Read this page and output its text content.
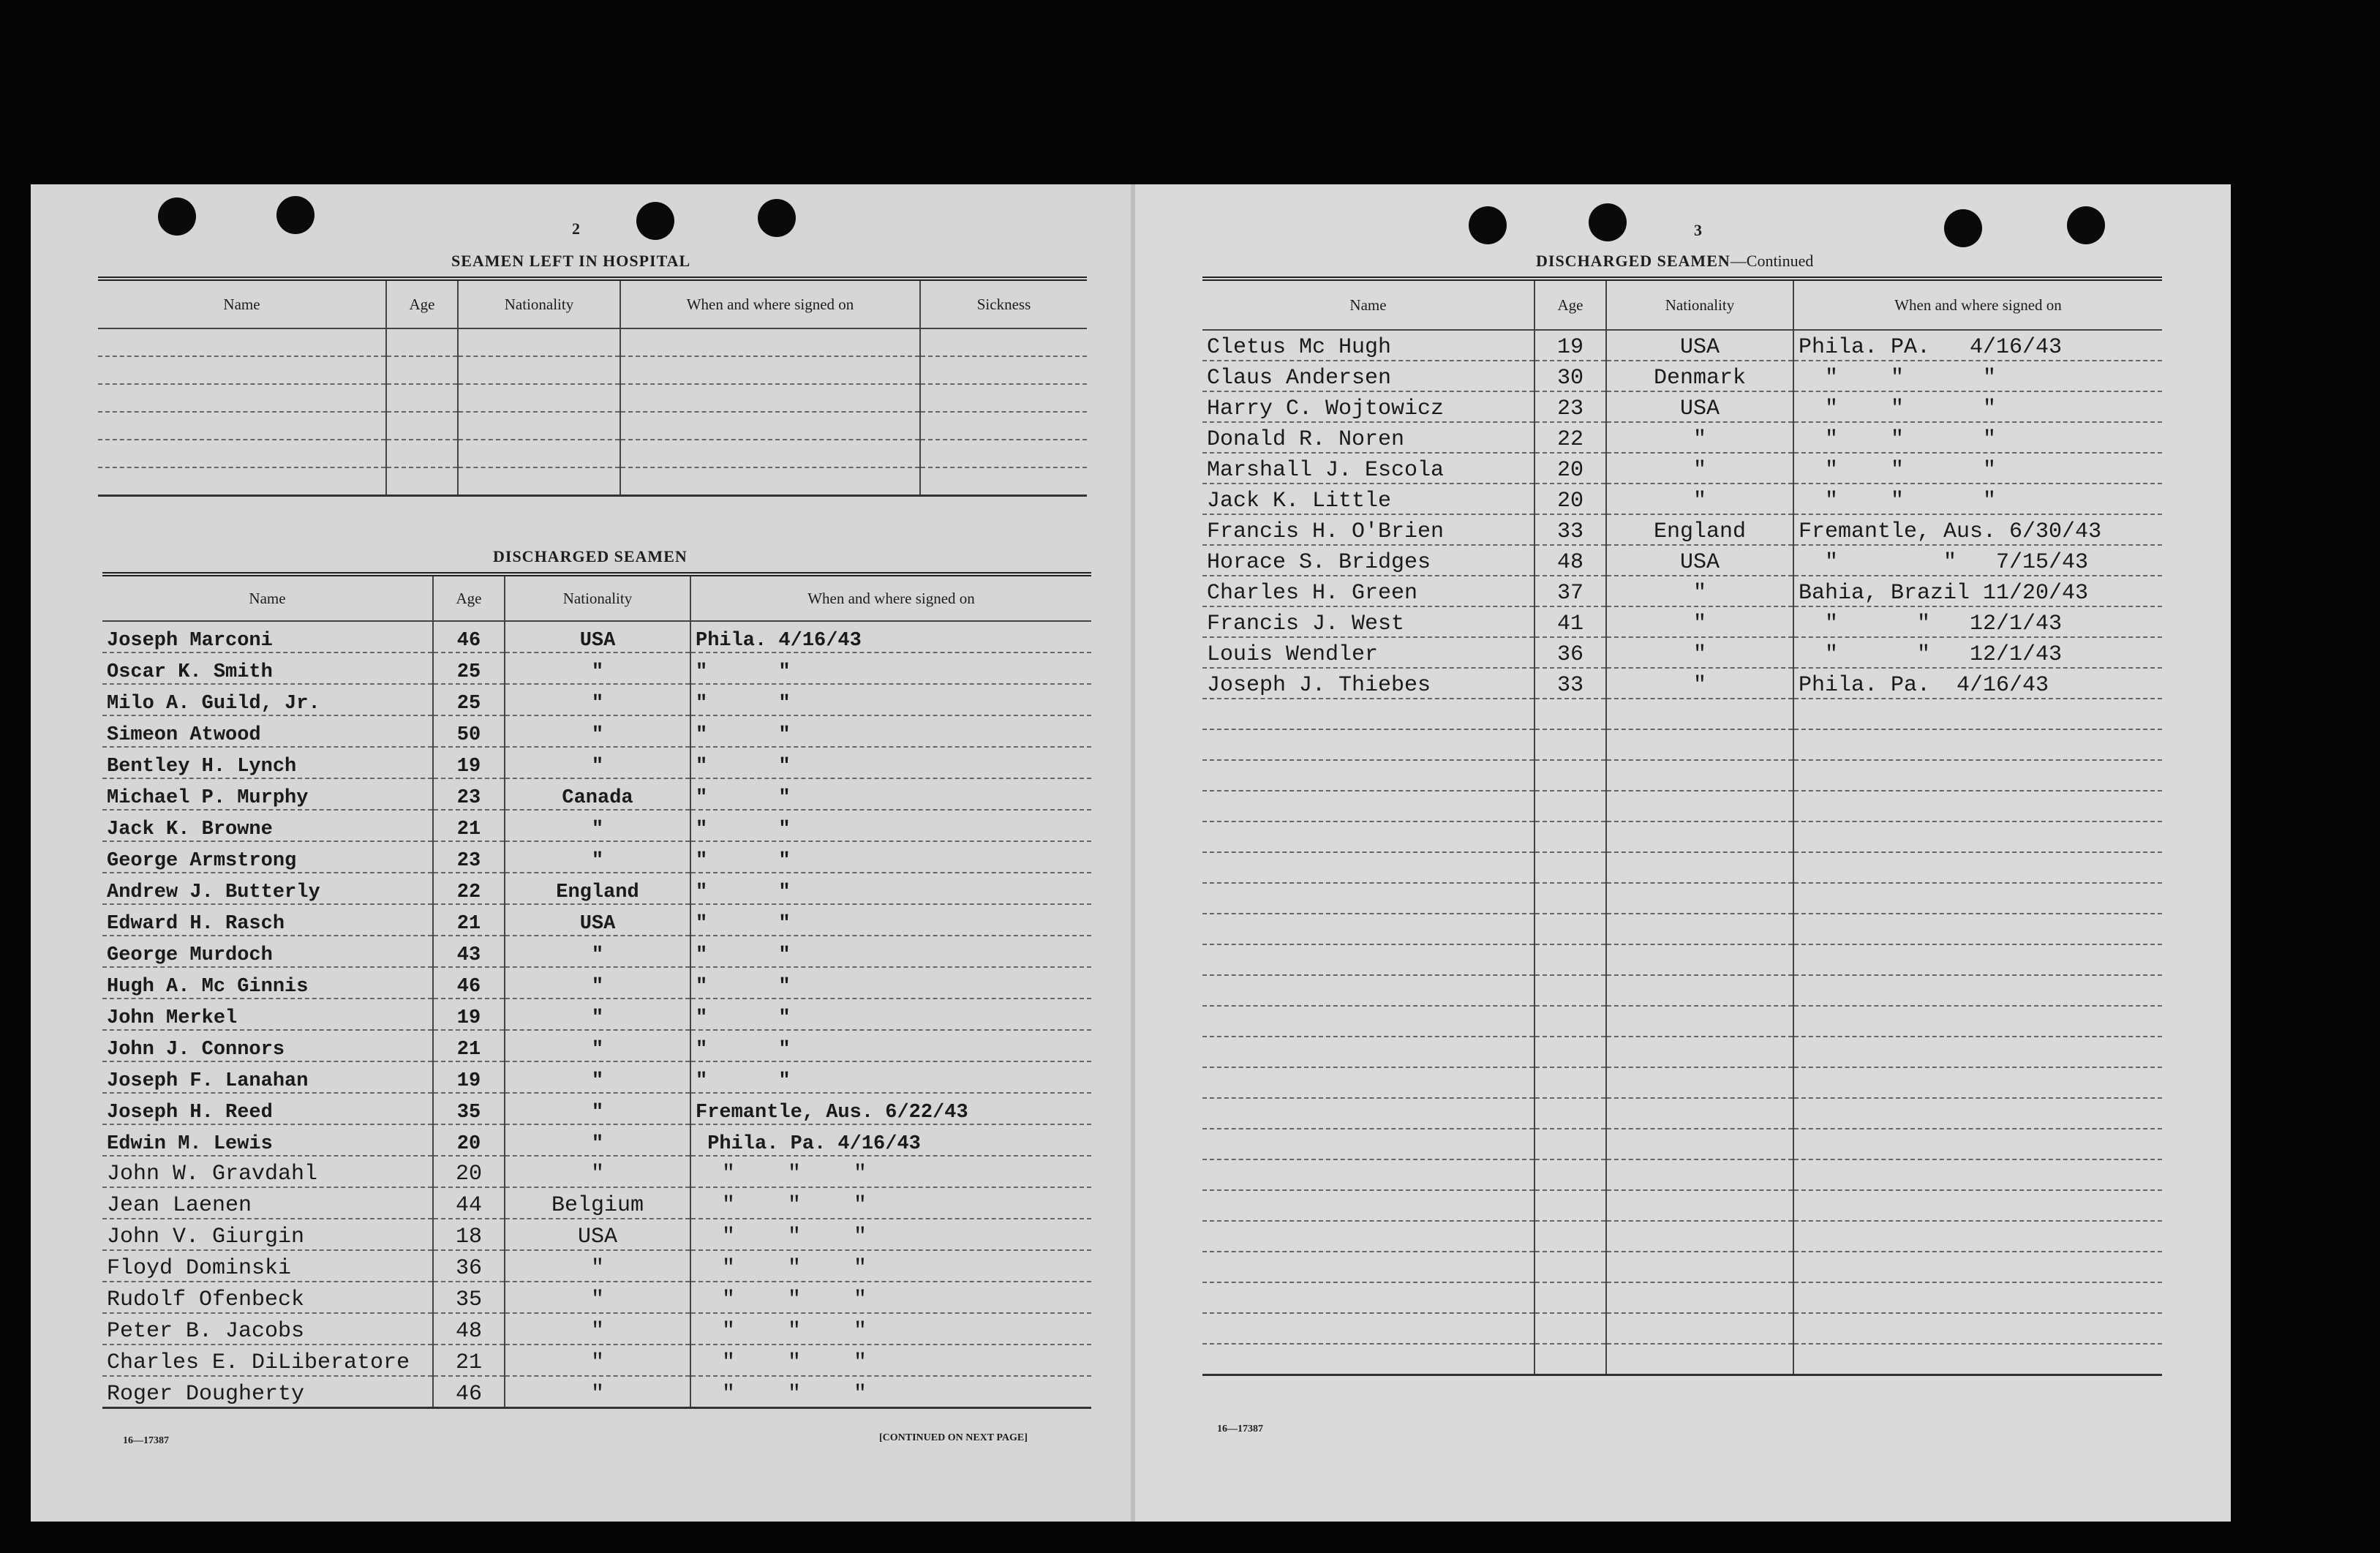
2
SEAMEN LEFT IN HOSPITAL
Name	Age	Nationality	When and where signed on	Sickness

DISCHARGED SEAMEN
Name	Age	Nationality	When and where signed on
Joseph Marconi	46	USA	Phila. 4/16/43
Oscar K. Smith	25	"	"      "
Milo A. Guild, Jr.	25	"	"      "
Simeon Atwood	50	"	"      "
Bentley H. Lynch	19	"	"      "
Michael P. Murphy	23	Canada	"      "
Jack K. Browne	21	"	"      "
George Armstrong	23	"	"      "
Andrew J. Butterly	22	England	"      "
Edward H. Rasch	21	USA	"      "
George Murdoch	43	"	"      "
Hugh A. Mc Ginnis	46	"	"      "
John Merkel	19	"	"      "
John J. Connors	21	"	"      "
Joseph F. Lanahan	19	"	"      "
Joseph H. Reed	35	"	Fremantle, Aus. 6/22/43
Edwin M. Lewis	20	"	Phila. Pa. 4/16/43
John W. Gravdahl	20	"	"    "    "
Jean Laenen	44	Belgium	"    "    "
John V. Giurgin	18	USA	"    "    "
Floyd Dominski	36	"	"    "    "
Rudolf Ofenbeck	35	"	"    "    "
Peter B. Jacobs	48	"	"    "    "
Charles E. DiLiberatore	21	"	"    "    "
Roger Dougherty	46	"	"    "    "
16—17387	[CONTINUED ON NEXT PAGE]
3
DISCHARGED SEAMEN—Continued
Name	Age	Nationality	When and where signed on
Cletus Mc Hugh	19	USA	Phila. PA.   4/16/43
Claus Andersen	30	Denmark	"    "      "
Harry C. Wojtowicz	23	USA	"    "      "
Donald R. Noren	22	"	"    "      "
Marshall J. Escola	20	"	"    "      "
Jack K. Little	20	"	"    "      "
Francis H. O'Brien	33	England	Fremantle, Aus. 6/30/43
Horace S. Bridges	48	USA	"        "   7/15/43
Charles H. Green	37	"	Bahia, Brazil 11/20/43
Francis J. West	41	"	"      "   12/1/43
Louis Wendler	36	"	"      "   12/1/43
Joseph J. Thiebes	33	"	Phila. Pa.  4/16/43

16—17387
